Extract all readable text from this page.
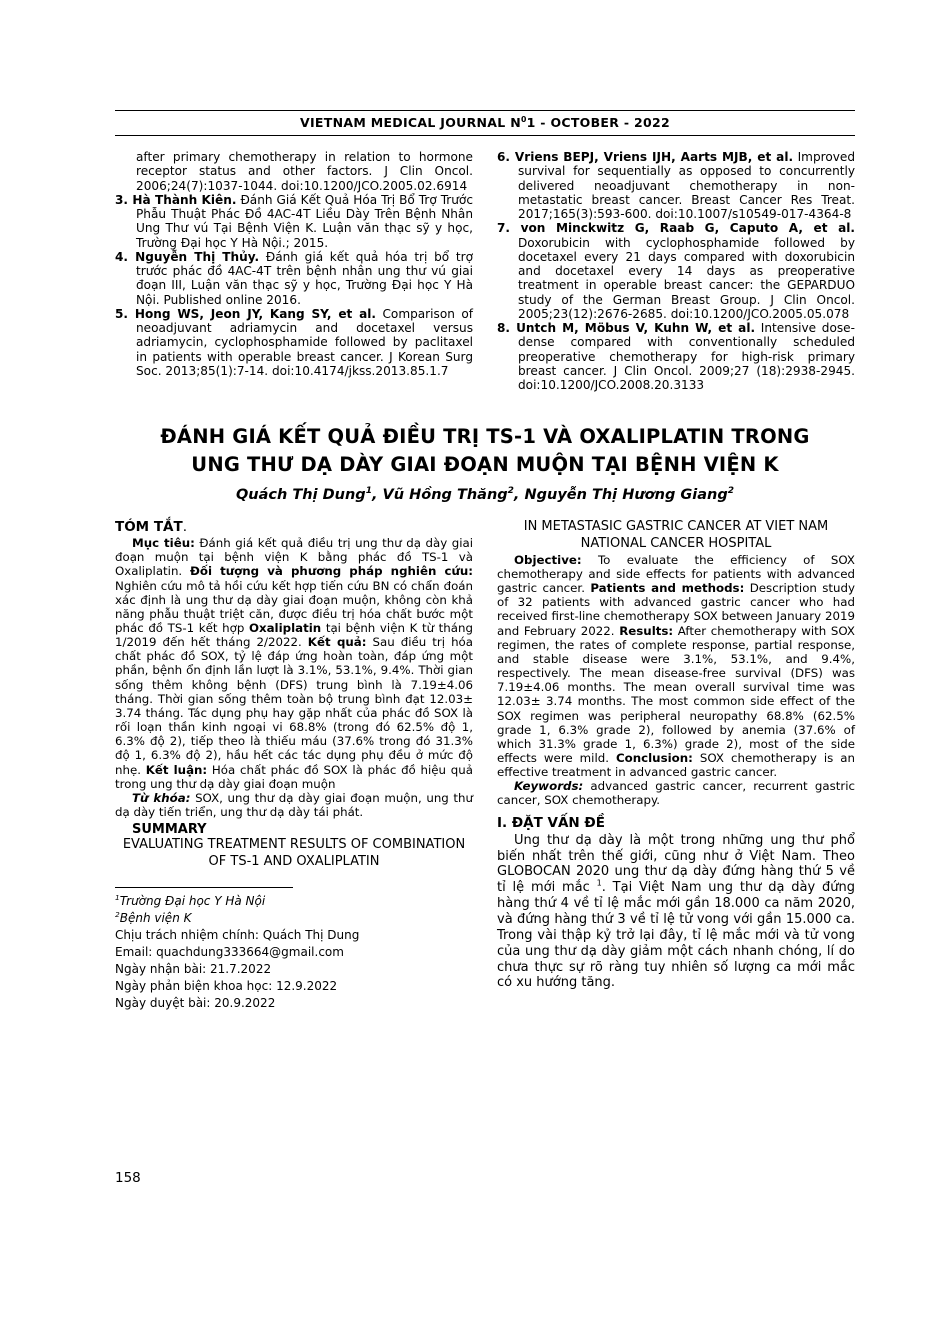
VIETNAM MEDICAL JOURNAL $N^01$ - OCTOBER - 2022
after primary chemotherapy in relation to hormone receptor status and other factors. J Clin Oncol. 2006;24(7):1037-1044. doi:10.1200/JCO.2005.02.6914
3. Hà Thành Kiên. Đánh Giá Kết Quả Hóa Trị Bổ Trợ Trước Phẫu Thuật Phác Đồ 4AC-4T Liều Dày Trên Bệnh Nhân Ung Thư vú Tại Bệnh Viện K. Luận văn thạc sỹ y học, Trường Đại học Y Hà Nội.; 2015.
4. Nguyễn Thị Thủy. Đánh giá kết quả hóa trị bổ trợ trước phác đồ 4AC-4T trên bệnh nhân ung thư vú giai đoạn III, Luận văn thạc sỹ y học, Trường Đại học Y Hà Nội. Published online 2016.
5. Hong WS, Jeon JY, Kang SY, et al. Comparison of neoadjuvant adriamycin and docetaxel versus adriamycin, cyclophosphamide followed by paclitaxel in patients with operable breast cancer. J Korean Surg Soc. 2013;85(1):7-14. doi:10.4174/jkss.2013.85.1.7
6. Vriens BEPJ, Vriens IJH, Aarts MJB, et al. Improved survival for sequentially as opposed to concurrently delivered neoadjuvant chemotherapy in non-metastatic breast cancer. Breast Cancer Res Treat. 2017;165(3):593-600. doi:10.1007/s10549-017-4364-8
7. von Minckwitz G, Raab G, Caputo A, et al. Doxorubicin with cyclophosphamide followed by docetaxel every 21 days compared with doxorubicin and docetaxel every 14 days as preoperative treatment in operable breast cancer: the GEPARDUO study of the German Breast Group. J Clin Oncol. 2005;23(12):2676-2685. doi:10.1200/JCO.2005.05.078
8. Untch M, Möbus V, Kuhn W, et al. Intensive dose-dense compared with conventionally scheduled preoperative chemotherapy for high-risk primary breast cancer. J Clin Oncol. 2009;27 (18):2938-2945. doi:10.1200/JCO.2008.20.3133
ĐÁNH GIÁ KẾT QUẢ ĐIỀU TRỊ TS-1 VÀ OXALIPLATIN TRONG
UNG THƯ DẠ DÀY GIAI ĐOẠN MUỘN TẠI BỆNH VIỆN K
Quách Thị Dung$^1$, Vũ Hồng Thăng$^2$, Nguyễn Thị Hương Giang$^2$
TÓM TẮT.

Mục tiêu: Đánh giá kết quả điều trị ung thư dạ dày giai đoạn muộn tại bệnh viện K bằng phác đồ TS-1 và Oxaliplatin. Đối tượng và phương pháp nghiên cứu: Nghiên cứu mô tả hồi cứu kết hợp tiến cứu BN có chẩn đoán xác định là ung thư dạ dày giai đoạn muộn, không còn khả năng phẫu thuật triệt căn, được điều trị hóa chất bước một phác đồ TS-1 kết hợp Oxaliplatin tại bệnh viện K từ tháng 1/2019 đến hết tháng 2/2022. Kết quả: Sau điều trị hóa chất phác đồ SOX, tỷ lệ đáp ứng hoàn toàn, đáp ứng một phần, bệnh ổn định lần lượt là 3.1%, 53.1%, 9.4%. Thời gian sống thêm không bệnh (DFS) trung bình là 7.19±4.06 tháng. Thời gian sống thêm toàn bộ trung bình đạt 12.03± 3.74 tháng. Tác dụng phụ hay gặp nhất của phác đồ SOX là rối loạn thần kinh ngoại vi 68.8% (trong đó 62.5% độ 1, 6.3% độ 2), tiếp theo là thiếu máu (37.6% trong đó 31.3% độ 1, 6.3% độ 2), hầu hết các tác dụng phụ đều ở mức độ nhẹ. Kết luận: Hóa chất phác đồ SOX là phác đồ hiệu quả trong ung thư dạ dày giai đoạn muộn

Từ khóa: SOX, ung thư dạ dày giai đoạn muộn, ung thư dạ dày tiến triển, ung thư dạ dày tái phát.

SUMMARY
EVALUATING TREATMENT RESULTS OF COMBINATION OF TS-1 AND OXALIPLATIN
$^1$Trường Đại học Y Hà Nội
$^2$Bệnh viện K
Chịu trách nhiệm chính: Quách Thị Dung
Email: quachdung333664@gmail.com
Ngày nhận bài: 21.7.2022
Ngày phản biện khoa học: 12.9.2022
Ngày duyệt bài: 20.9.2022
IN METASTASIC GASTRIC CANCER AT VIET NAM NATIONAL CANCER HOSPITAL

Objective: To evaluate the efficiency of SOX chemotherapy and side effects for patients with advanced gastric cancer. Patients and methods: Description study of 32 patients with advanced gastric cancer who had received first-line chemotherapy SOX between January 2019 and February 2022. Results: After chemotherapy with SOX regimen, the rates of complete response, partial response, and stable disease were 3.1%, 53.1%, and 9.4%, respectively. The mean disease-free survival (DFS) was 7.19±4.06 months. The mean overall survival time was 12.03± 3.74 months. The most common side effect of the SOX regimen was peripheral neuropathy 68.8% (62.5% grade 1, 6.3% grade 2), followed by anemia (37.6% of which 31.3% grade 1, 6.3%) grade 2), most of the side effects were mild. Conclusion: SOX chemotherapy is an effective treatment in advanced gastric cancer.

Keywords: advanced gastric cancer, recurrent gastric cancer, SOX chemotherapy.

I. ĐẶT VẤN ĐỀ

Ung thư dạ dày là một trong những ung thư phổ biến nhất trên thế giới, cũng như ở Việt Nam. Theo GLOBOCAN 2020 ung thư dạ dày đứng hàng thứ 5 về tỉ lệ mới mắc $^1$. Tại Việt Nam ung thư dạ dày đứng hàng thứ 4 về tỉ lệ mắc mới gần 18.000 ca năm 2020, và đứng hàng thứ 3 về tỉ lệ tử vong với gần 15.000 ca. Trong vài thập kỷ trở lại đây, tỉ lệ mắc mới và tử vong của ung thư dạ dày giảm một cách nhanh chóng, lí do chưa thực sự rõ ràng tuy nhiên số lượng ca mới mắc có xu hướng tăng.

158
